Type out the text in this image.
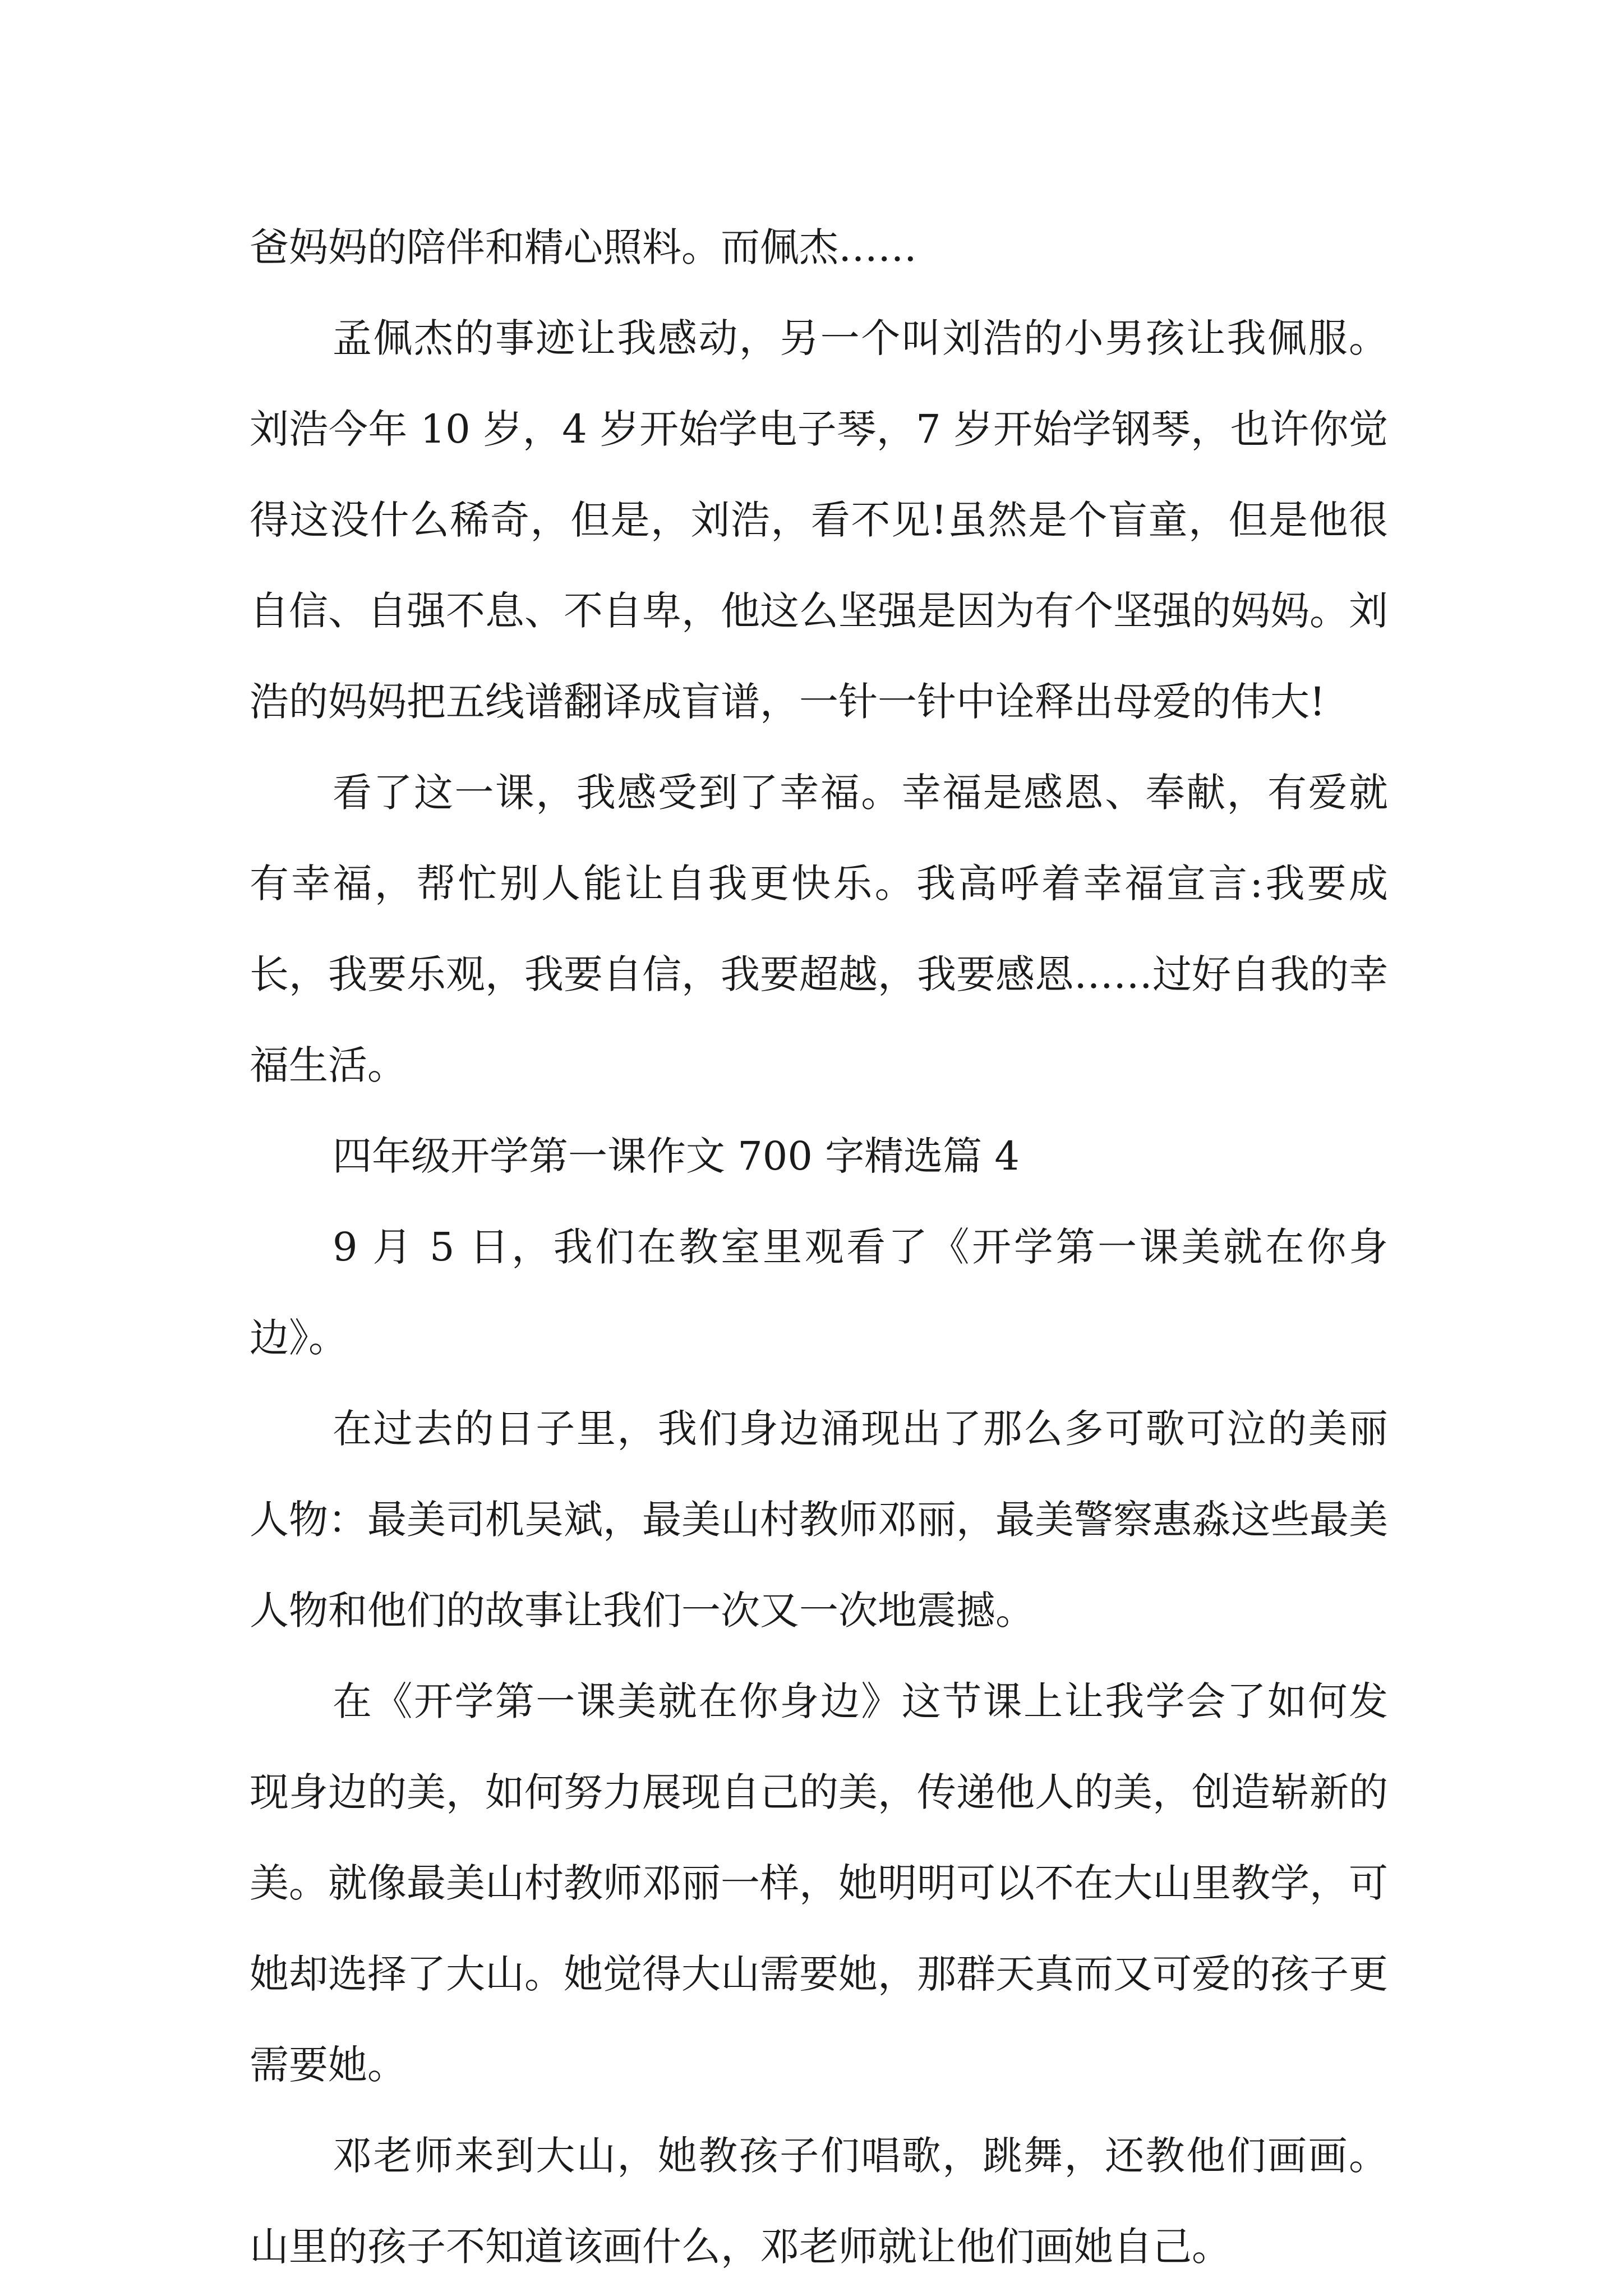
爸妈妈的陪伴和精心照料。而佩杰……

孟佩杰的事迹让我感动，另一个叫刘浩的小男孩让我佩服。刘浩今年 10 岁，4 岁开始学电子琴，7 岁开始学钢琴，也许你觉得这没什么稀奇，但是，刘浩，看不见!虽然是个盲童，但是他很自信、自强不息、不自卑，他这么坚强是因为有个坚强的妈妈。刘浩的妈妈把五线谱翻译成盲谱，一针一针中诠释出母爱的伟大!

看了这一课，我感受到了幸福。幸福是感恩、奉献，有爱就有幸福，帮忙别人能让自我更快乐。我高呼着幸福宣言:我要成长，我要乐观，我要自信，我要超越，我要感恩……过好自我的幸福生活。

四年级开学第一课作文 700 字精选篇 4

9 月 5 日，我们在教室里观看了《开学第一课美就在你身边》。

在过去的日子里，我们身边涌现出了那么多可歌可泣的美丽人物：最美司机吴斌，最美山村教师邓丽，最美警察惠淼这些最美人物和他们的故事让我们一次又一次地震撼。

在《开学第一课美就在你身边》这节课上让我学会了如何发现身边的美，如何努力展现自己的美，传递他人的美，创造崭新的美。就像最美山村教师邓丽一样，她明明可以不在大山里教学，可她却选择了大山。她觉得大山需要她，那群天真而又可爱的孩子更需要她。

邓老师来到大山，她教孩子们唱歌，跳舞，还教他们画画。山里的孩子不知道该画什么，邓老师就让他们画她自己。
